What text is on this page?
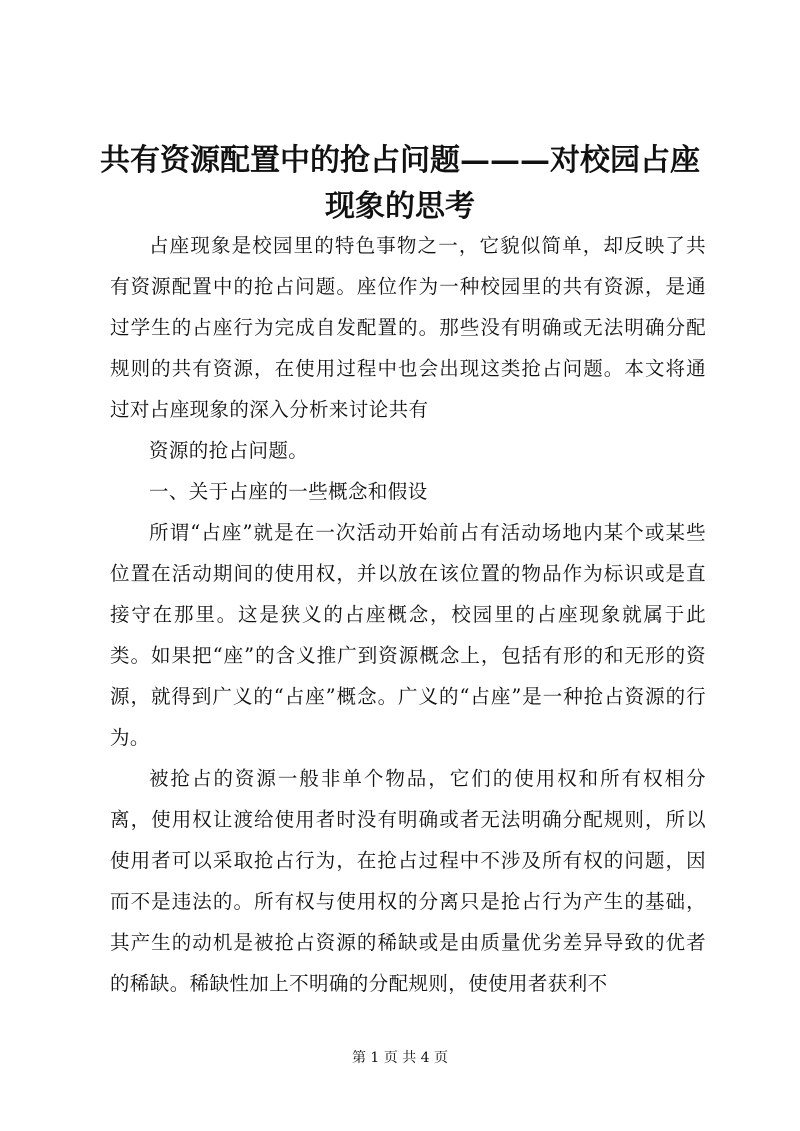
共有资源配置中的抢占问题———对校园占座
现象的思考

占座现象是校园里的特色事物之一，它貌似简单，却反映了共有资源配置中的抢占问题。座位作为一种校园里的共有资源，是通过学生的占座行为完成自发配置的。那些没有明确或无法明确分配规则的共有资源，在使用过程中也会出现这类抢占问题。本文将通过对占座现象的深入分析来讨论共有

资源的抢占问题。

一、关于占座的一些概念和假设

所谓“占座”就是在一次活动开始前占有活动场地内某个或某些位置在活动期间的使用权，并以放在该位置的物品作为标识或是直接守在那里。这是狭义的占座概念，校园里的占座现象就属于此类。如果把“座”的含义推广到资源概念上，包括有形的和无形的资源，就得到广义的“占座”概念。广义的“占座”是一种抢占资源的行为。

被抢占的资源一般非单个物品，它们的使用权和所有权相分离，使用权让渡给使用者时没有明确或者无法明确分配规则，所以使用者可以采取抢占行为，在抢占过程中不涉及所有权的问题，因而不是违法的。所有权与使用权的分离只是抢占行为产生的基础，其产生的动机是被抢占资源的稀缺或是由质量优劣差异导致的优者的稀缺。稀缺性加上不明确的分配规则，使使用者获利不

第 1 页 共 4 页
